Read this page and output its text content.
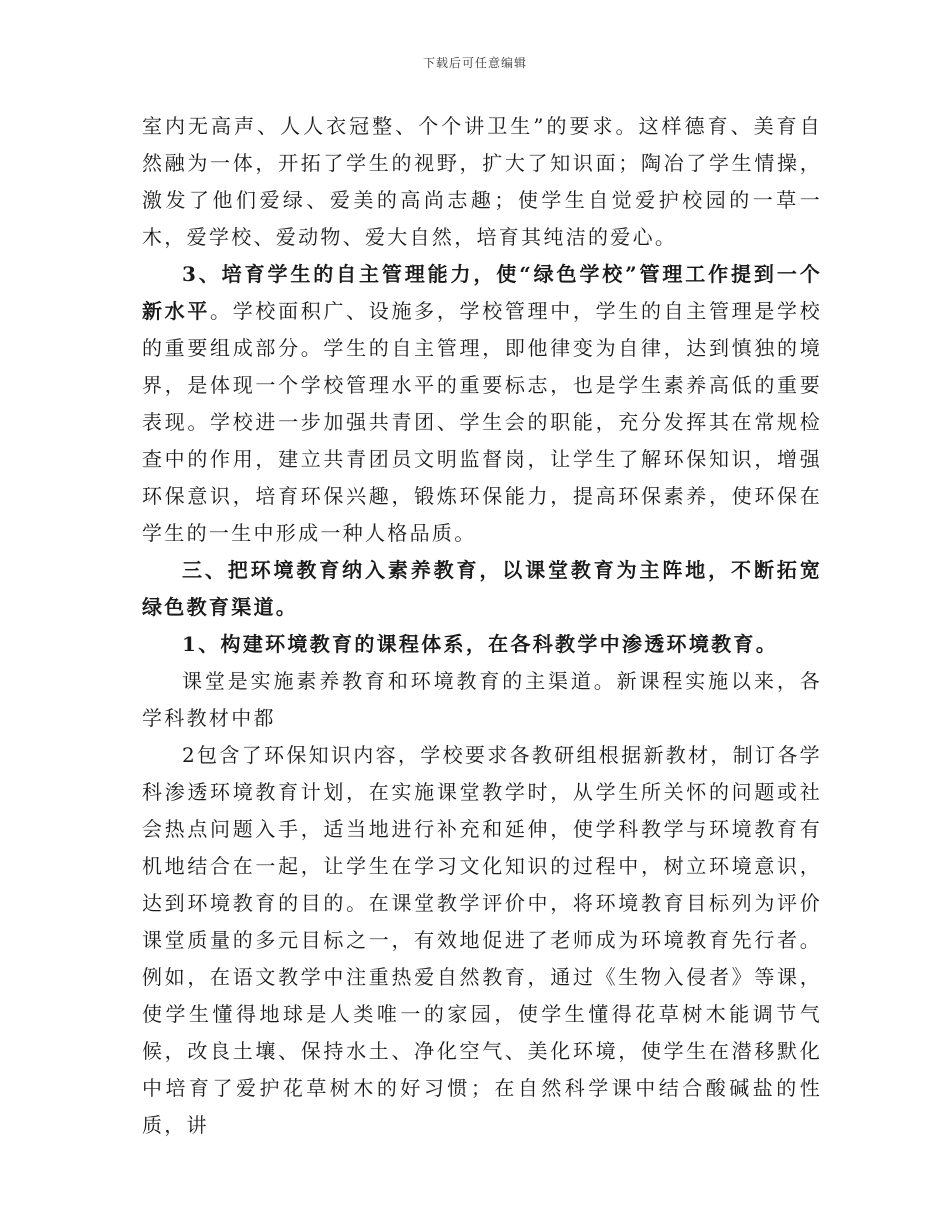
下载后可任意编辑

室内无高声、人人衣冠整、个个讲卫生”的要求。这样德育、美育自然融为一体，开拓了学生的视野，扩大了知识面；陶冶了学生情操，激发了他们爱绿、爱美的高尚志趣；使学生自觉爱护校园的一草一木，爱学校、爱动物、爱大自然，培育其纯洁的爱心。

3、培育学生的自主管理能力，使“绿色学校”管理工作提到一个新水平。学校面积广、设施多，学校管理中，学生的自主管理是学校的重要组成部分。学生的自主管理，即他律变为自律，达到慎独的境界，是体现一个学校管理水平的重要标志，也是学生素养高低的重要表现。学校进一步加强共青团、学生会的职能，充分发挥其在常规检查中的作用，建立共青团员文明监督岗，让学生了解环保知识，增强环保意识，培育环保兴趣，锻炼环保能力，提高环保素养，使环保在学生的一生中形成一种人格品质。

三、把环境教育纳入素养教育，以课堂教育为主阵地，不断拓宽绿色教育渠道。

1、构建环境教育的课程体系，在各科教学中渗透环境教育。

课堂是实施素养教育和环境教育的主渠道。新课程实施以来，各学科教材中都

2包含了环保知识内容，学校要求各教研组根据新教材，制订各学科渗透环境教育计划，在实施课堂教学时，从学生所关怀的问题或社会热点问题入手，适当地进行补充和延伸，使学科教学与环境教育有机地结合在一起，让学生在学习文化知识的过程中，树立环境意识，达到环境教育的目的。在课堂教学评价中，将环境教育目标列为评价课堂质量的多元目标之一，有效地促进了老师成为环境教育先行者。例如，在语文教学中注重热爱自然教育，通过《生物入侵者》等课，使学生懂得地球是人类唯一的家园，使学生懂得花草树木能调节气候，改良土壤、保持水土、净化空气、美化环境，使学生在潜移默化中培育了爱护花草树木的好习惯；在自然科学课中结合酸碱盐的性质，讲
